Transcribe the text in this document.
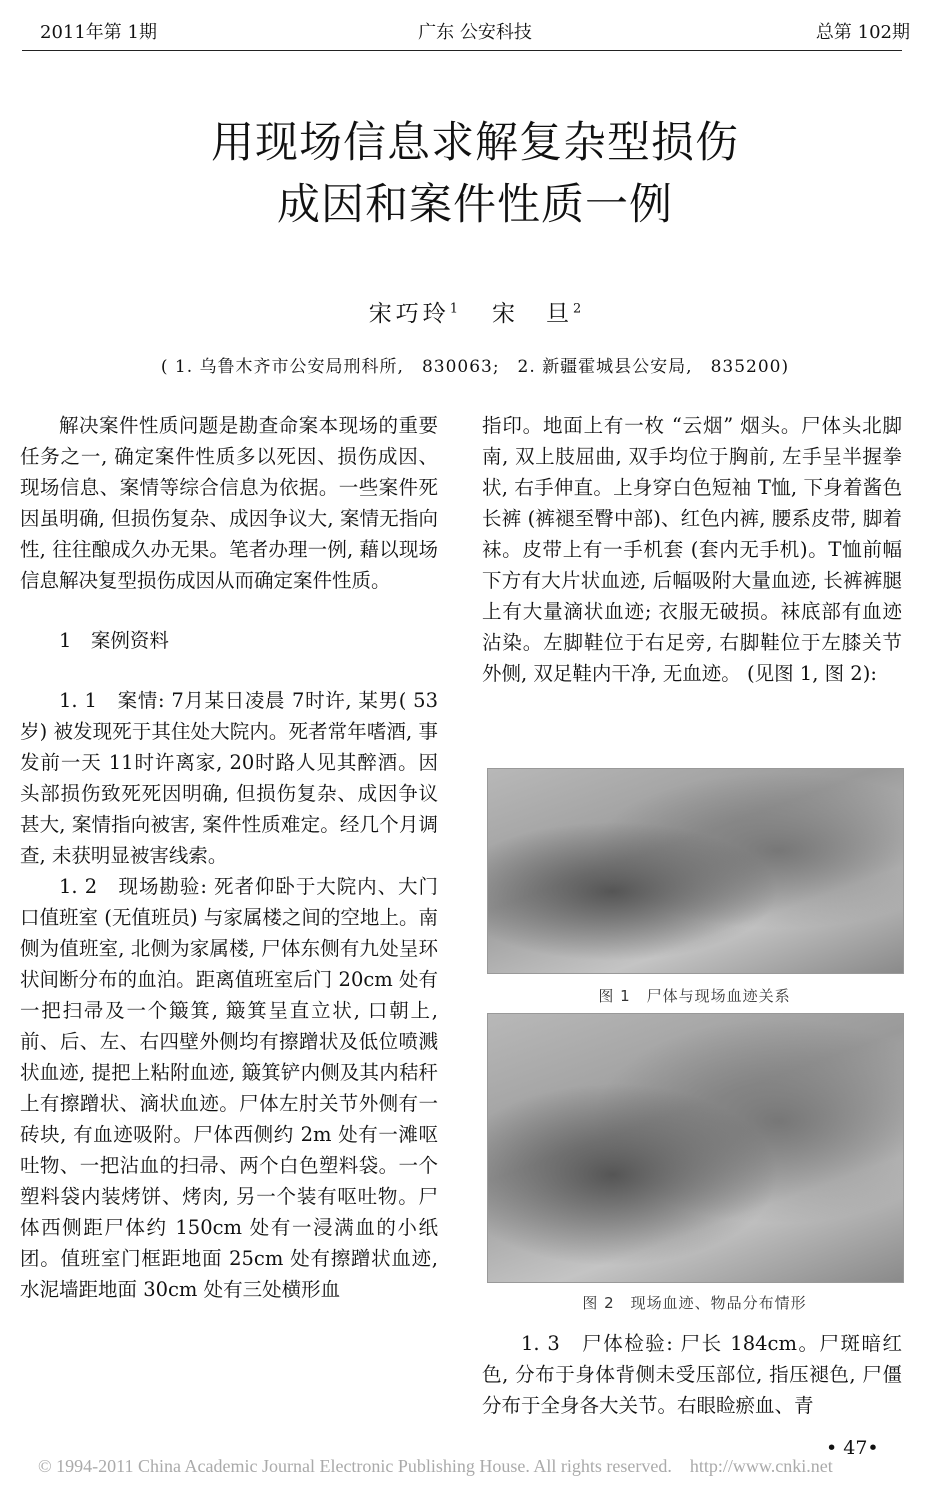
2011年第 1期	广东 公安科技	总第 102期
用现场信息求解复杂型损伤
成因和案件性质一例
宋巧玲$^1$ 宋　旦$^2$
( 1. 乌鲁木齐市公安局刑科所,　830063;　2. 新疆霍城县公安局,　835200)

解决案件性质问题是勘查命案本现场的重要任务之一, 确定案件性质多以死因、损伤成因、现场信息、案情等综合信息为依据。一些案件死因虽明确, 但损伤复杂、成因争议大, 案情无指向性, 往往酿成久办无果。笔者办理一例, 藉以现场信息解决复型损伤成因从而确定案件性质。

1　案例资料

1. 1　案情: 7月某日凌晨 7时许, 某男( 53岁) 被发现死于其住处大院内。死者常年嗜酒, 事发前一天 11时许离家, 20时路人见其醉酒。因头部损伤致死死因明确, 但损伤复杂、成因争议甚大, 案情指向被害, 案件性质难定。经几个月调查, 未获明显被害线索。

1. 2　现场勘验: 死者仰卧于大院内、大门口值班室 (无值班员) 与家属楼之间的空地上。南侧为值班室, 北侧为家属楼, 尸体东侧有九处呈环状间断分布的血泊。距离值班室后门 20cm 处有一把扫帚及一个簸箕, 簸箕呈直立状, 口朝上, 前、后、左、右四壁外侧均有擦蹭状及低位喷溅状血迹, 提把上粘附血迹, 簸箕铲内侧及其内秸秆上有擦蹭状、滴状血迹。尸体左肘关节外侧有一砖块, 有血迹吸附。尸体西侧约 2m 处有一滩呕吐物、一把沾血的扫帚、两个白色塑料袋。一个塑料袋内装烤饼、烤肉, 另一个装有呕吐物。尸体西侧距尸体约 150cm 处有一浸满血的小纸团。值班室门框距地面 25cm 处有擦蹭状血迹, 水泥墙距地面 30cm 处有三处横形血

指印。地面上有一枚 “云烟” 烟头。尸体头北脚南, 双上肢屈曲, 双手均位于胸前, 左手呈半握拳状, 右手伸直。上身穿白色短袖 T恤, 下身着酱色长裤 (裤褪至臀中部)、红色内裤, 腰系皮带, 脚着袜。皮带上有一手机套 (套内无手机)。T恤前幅下方有大片状血迹, 后幅吸附大量血迹, 长裤裤腿上有大量滴状血迹; 衣服无破损。袜底部有血迹沾染。左脚鞋位于右足旁, 右脚鞋位于左膝关节外侧, 双足鞋内干净, 无血迹。 (见图 1, 图 2):

图 1　尸体与现场血迹关系
图 2　现场血迹、物品分布情形

1. 3　尸体检验: 尸长 184cm。尸斑暗红色, 分布于身体背侧未受压部位, 指压褪色, 尸僵分布于全身各大关节。右眼睑瘀血、青

• 47•
© 1994-2011 China Academic Journal Electronic Publishing House. All rights reserved.　http://www.cnki.net
